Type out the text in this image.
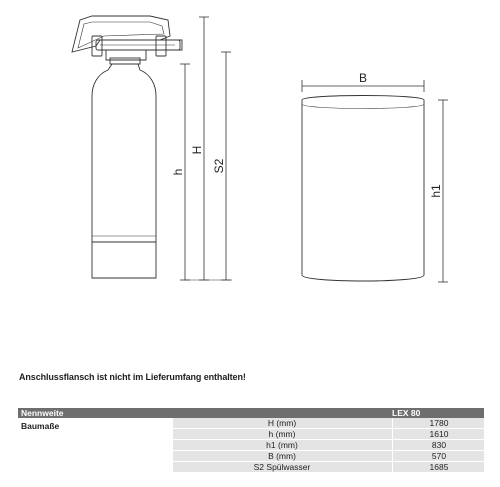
h
H
S2
B
h1
Anschlussflansch ist nicht im Lieferumfang enthalten!
Nennweite	LEX 80
Baumaße	H (mm)	1780
h (mm)	1610
h1 (mm)	830
B (mm)	570
S2 Spülwasser	1685
